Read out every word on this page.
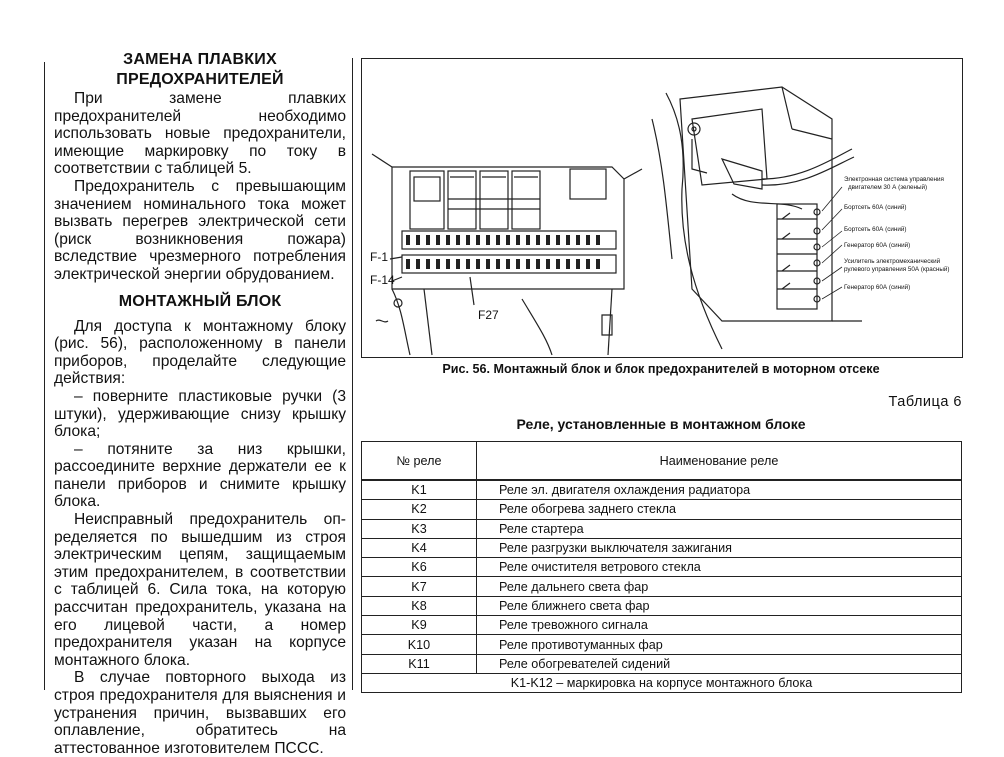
ЗАМЕНА ПЛАВКИХ
ПРЕДОХРАНИТЕЛЕЙ

При замене плавких предохранителей необходимо использовать новые предохранители, имеющие маркировку по току в соответствии с таблицей 5.

Предохранитель с превышающим значением номинального тока может вызвать перегрев электрической сети (риск возникновения пожара) вследствие чрезмерного потребления электрической энергии обрудованием.

МОНТАЖНЫЙ БЛОК

Для доступа к монтажному блоку (рис. 56), расположенному в панели приборов, проделайте следующие действия:

– поверните пластиковые ручки (3 штуки), удерживающие снизу крышку блока;

– потяните за низ крышки, рассоедините верхние держатели ее к панели приборов и снимите крышку блока.

Неисправный предохранитель оп-ределяется по вышедшим из строя электрическим цепям, защищаемым этим предохранителем, в соответствии с таблицей 6. Сила тока, на которую рассчитан предохранитель, указана на его лицевой части, а номер предохранителя указан на корпусе монтажного блока.

В случае повторного выхода из строя предохранителя для выяснения и устранения причин, вызвавших его оплавление, обратитесь на аттестованное изготовителем ПССС.

F-1
F-14
F27
Электронная система управления
двигателем 30 А (зеленый)
Бортсеть 60А (синий)
Бортсеть 60А (синий)
Генератор 60А (синий)
Усилитель электромеханический
рулевого управления 50А (красный)
Генератор 60А (синий)
Рис. 56. Монтажный блок и блок предохранителей в моторном отсеке
Таблица 6
Реле, установленные в монтажном блоке
№ реле	Наименование реле
K1	Реле эл. двигателя охлаждения радиатора
K2	Реле обогрева заднего стекла
K3	Реле стартера
K4	Реле разгрузки выключателя зажигания
K6	Реле очистителя ветрового стекла
K7	Реле дальнего света фар
K8	Реле ближнего света фар
K9	Реле тревожного сигнала
K10	Реле противотуманных фар
K11	Реле обогревателей сидений
K1-K12 – маркировка на корпусе монтажного блока	
